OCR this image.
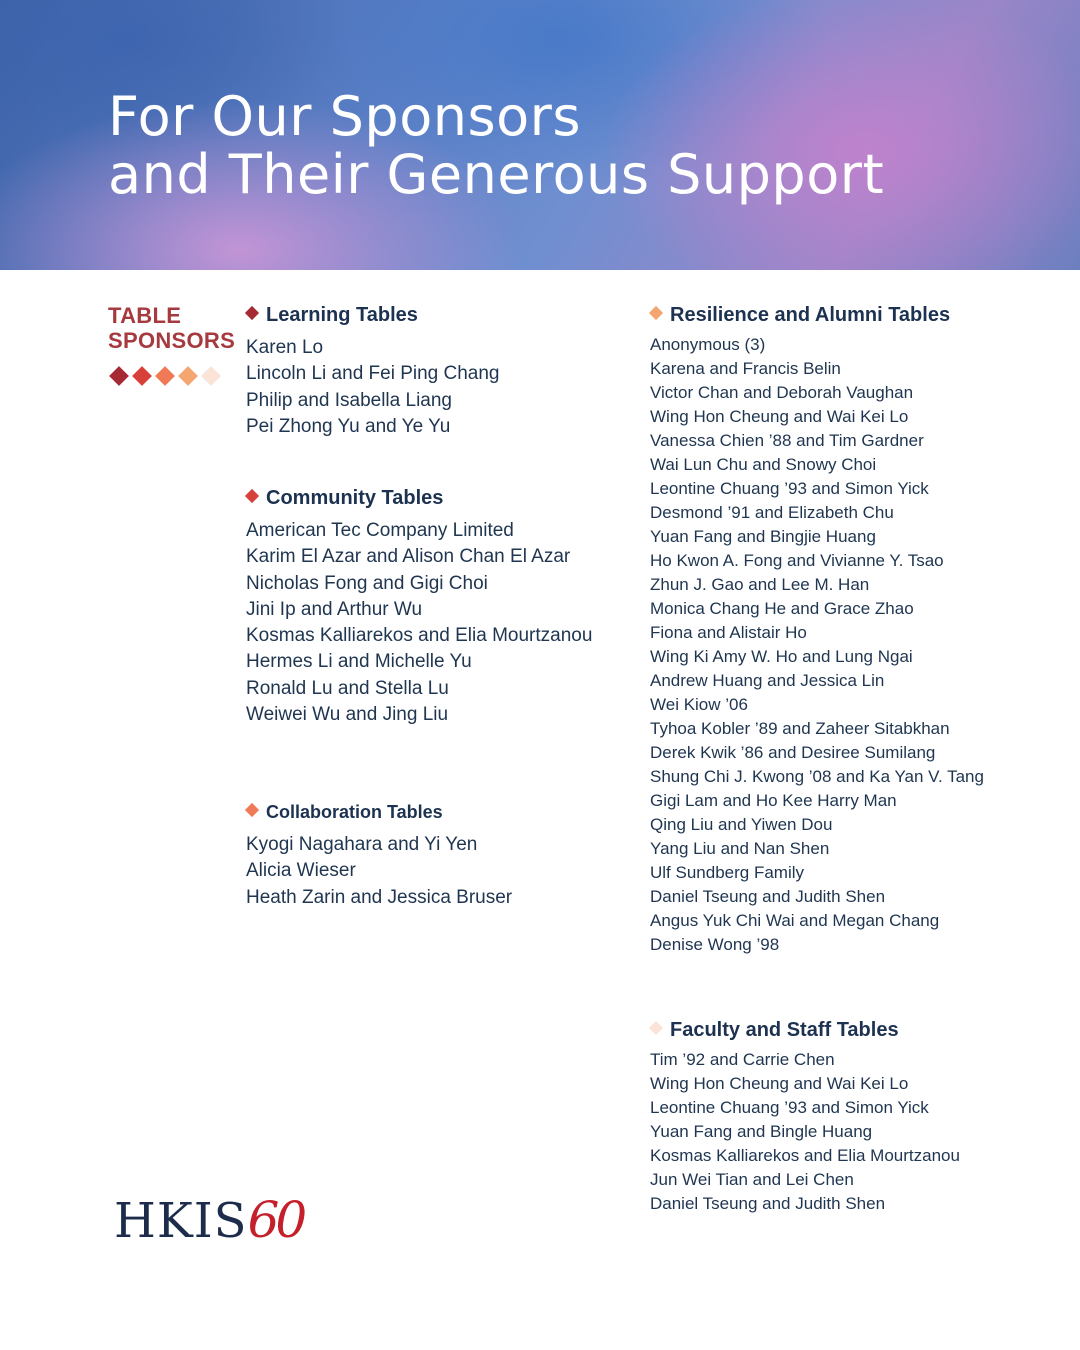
For Our Sponsors
and Their Generous Support
TABLE
SPONSORS
Learning Tables
Karen Lo
Lincoln Li and Fei Ping Chang
Philip and Isabella Liang
Pei Zhong Yu and Ye Yu
Community Tables
American Tec Company Limited
Karim El Azar and Alison Chan El Azar
Nicholas Fong and Gigi Choi
Jini Ip and Arthur Wu
Kosmas Kalliarekos and Elia Mourtzanou
Hermes Li and Michelle Yu
Ronald Lu and Stella Lu
Weiwei Wu and Jing Liu
Collaboration Tables
Kyogi Nagahara and Yi Yen
Alicia Wieser
Heath Zarin and Jessica Bruser
Resilience and Alumni Tables
Anonymous (3)
Karena and Francis Belin
Victor Chan and Deborah Vaughan
Wing Hon Cheung and Wai Kei Lo
Vanessa Chien ’88 and Tim Gardner
Wai Lun Chu and Snowy Choi
Leontine Chuang ’93 and Simon Yick
Desmond ’91 and Elizabeth Chu
Yuan Fang and Bingjie Huang
Ho Kwon A. Fong and Vivianne Y. Tsao
Zhun J. Gao and Lee M. Han
Monica Chang He and Grace Zhao
Fiona and Alistair Ho
Wing Ki Amy W. Ho and Lung Ngai
Andrew Huang and Jessica Lin
Wei Kiow ’06
Tyhoa Kobler ’89 and Zaheer Sitabkhan
Derek Kwik ’86 and Desiree Sumilang
Shung Chi J. Kwong ’08 and Ka Yan V. Tang
Gigi Lam and Ho Kee Harry Man
Qing Liu and Yiwen Dou
Yang Liu and Nan Shen
Ulf Sundberg Family
Daniel Tseung and Judith Shen
Angus Yuk Chi Wai and Megan Chang
Denise Wong ’98
Faculty and Staff Tables
Tim ’92 and Carrie Chen
Wing Hon Cheung and Wai Kei Lo
Leontine Chuang ’93 and Simon Yick
Yuan Fang and Bingle Huang
Kosmas Kalliarekos and Elia Mourtzanou
Jun Wei Tian and Lei Chen
Daniel Tseung and Judith Shen
HKIS60
